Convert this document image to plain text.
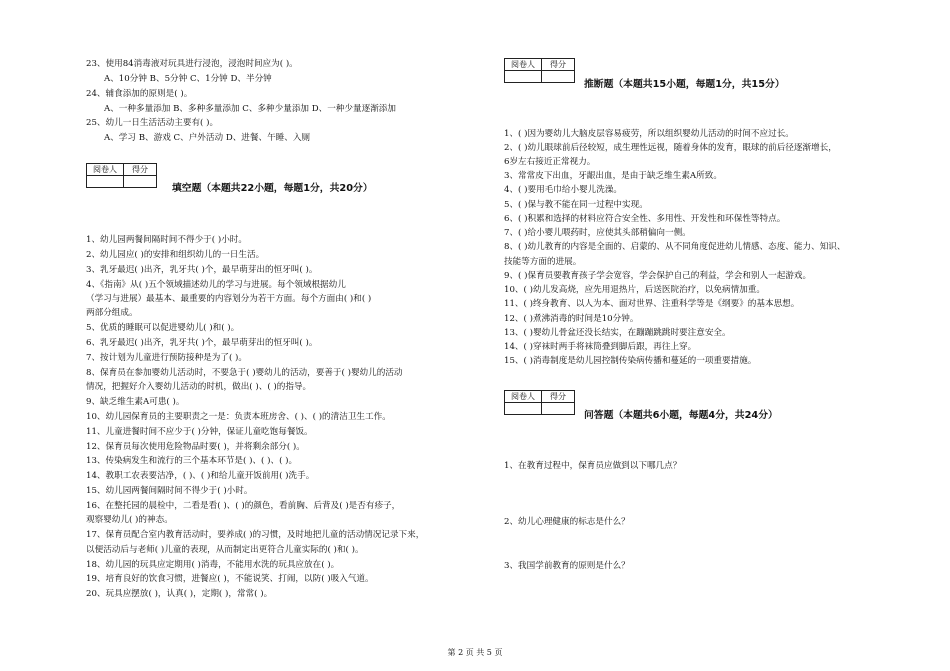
23、使用84消毒液对玩具进行浸泡，浸泡时间应为( )。
A、10分钟 B、5分钟 C、1分钟 D、半分钟
24、辅食添加的原则是( )。
A、一种多量添加 B、多种多量添加 C、多种少量添加 D、一种少量逐渐添加
25、幼儿一日生活活动主要有( )。
A、学习 B、游戏 C、户外活动 D、进餐、午睡、入厕
阅卷人	得分

填空题（本题共22小题，每题1分，共20分）
1、幼儿园两餐间隔时间不得少于( )小时。
2、幼儿园应( )的安排和组织幼儿的一日生活。
3、乳牙最迟( )出齐，乳牙共( )个，最早萌芽出的恒牙叫( )。
4、《指南》从( )五个领域描述幼儿的学习与进展。每个领域根据幼儿
（学习与进展）最基本、最重要的内容划分为若干方面。每个方面由( )和( )
两部分组成。
5、优质的睡眠可以促进婴幼儿( )和( )。
6、乳牙最迟( )出齐，乳牙共( )个，最早萌芽出的恒牙叫( )。
7、按计划为儿童进行预防接种是为了( )。
8、保育员在参加婴幼儿活动时，不要急于( )婴幼儿的活动，要善于( )婴幼儿的活动
情况，把握好介入婴幼儿活动的时机，做出( )、( )的指导。
9、缺乏维生素A可患( )。
10、幼儿园保育员的主要职责之一是：负责本班房舍、( )、( )的清洁卫生工作。
11、儿童进餐时间不应少于( )分钟，保证儿童吃饱每餐饭。
12、保育员每次使用危险物品时要( )，并将剩余部分( )。
13、传染病发生和流行的三个基本环节是( )、( )、( )。
14、教职工农表要洁净，( )、( )和给儿童开饭前用( )洗手。
15、幼儿园两餐间隔时间不得少于( )小时。
16、在整托园的晨检中，二看是看( )、( )的颜色，看前胸、后背及( )是否有疹子，
观察婴幼儿( )的神态。
17、保育员配合室内教育活动时，要养成( )的习惯，及时地把儿童的活动情况记录下来，
以便活动后与老师( )儿童的表现，从而制定出更符合儿童实际的( )和( )。
18、幼儿园的玩具应定期用( )消毒，不能用水洗的玩具应放在( )。
19、培育良好的饮食习惯，进餐应( )，不能说笑、打闹，以防( )吸入气道。
20、玩具应摆放( )，认真( )，定期( )，常常( )。
阅卷人	得分

推断题（本题共15小题，每题1分，共15分）
1、( )因为婴幼儿大脑皮层容易疲劳，所以组织婴幼儿活动的时间不应过长。
2、( )幼儿眼球前后径较短，成生理性远视，随着身体的发育，眼球的前后径逐渐增长，
6岁左右接近正常视力。
3、常常皮下出血，牙龈出血，是由于缺乏维生素A所致。
4、( )要用毛巾给小婴儿洗澡。
5、( )保与教不能在同一过程中实现。
6、( )积累和选择的材料应符合安全性、多用性、开发性和环保性等特点。
7、( )给小婴儿喂药时，应使其头部稍偏向一侧。
8、( )幼儿教育的内容是全面的、启蒙的、从不同角度促进幼儿情感、态度、能力、知识、
技能等方面的进展。
9、( )保育员要教育孩子学会宽容，学会保护自己的利益，学会和别人一起游戏。
10、( )幼儿发高烧，应先用退热片，后送医院治疗，以免病情加重。
11、( )终身教育、以人为本、面对世界、注重科学等是《纲要》的基本思想。
12、( )煮沸消毒的时间是10分钟。
13、( )婴幼儿骨盆还没长结实，在蹦蹦跳跳时要注意安全。
14、( )穿袜时两手将袜筒叠到脚后跟，再往上穿。
15、( )消毒制度是幼儿园控制传染病传播和蔓延的一项重要措施。
阅卷人	得分

问答题（本题共6小题，每题4分，共24分）
1、在教育过程中，保育员应做到以下哪几点？
2、幼儿心理健康的标志是什么？
3、我国学前教育的原则是什么？
第 2 页 共 5 页
